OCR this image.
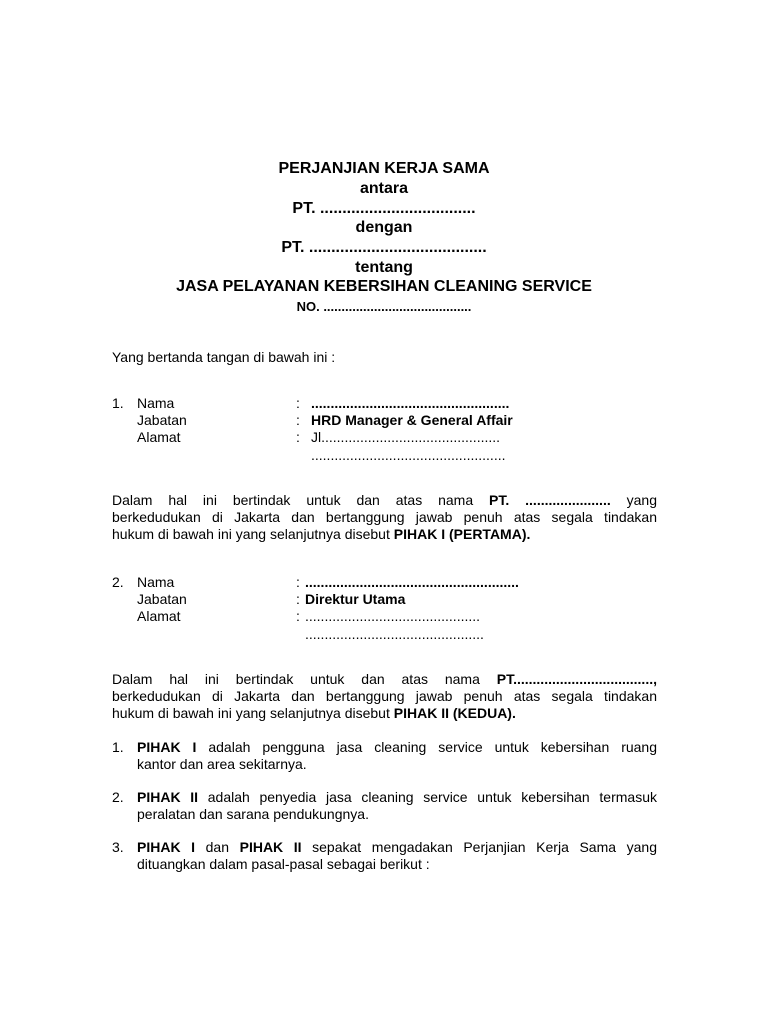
PERJANJIAN KERJA SAMA
antara
PT. ...................................
dengan
PT. ........................................
tentang
JASA PELAYANAN KEBERSIHAN CLEANING SERVICE
NO. .........................................
Yang bertanda tangan di bawah ini :
1. Nama	: ...................................................
Jabatan	: HRD Manager & General Affair
Alamat	: Jl..............................................
..................................................
Dalam hal ini bertindak untuk dan atas nama PT. ...................... yang
berkedudukan di Jakarta dan bertanggung jawab penuh atas segala tindakan
hukum di bawah ini yang selanjutnya disebut PIHAK I (PERTAMA).
2. Nama	: .......................................................
Jabatan	: Direktur Utama
Alamat	: .............................................
..............................................
Dalam hal ini bertindak untuk dan atas nama PT....................................,
berkedudukan di Jakarta dan bertanggung jawab penuh atas segala tindakan
hukum di bawah ini yang selanjutnya disebut PIHAK II (KEDUA).
1. PIHAK I adalah pengguna jasa cleaning service untuk kebersihan ruang
kantor dan area sekitarnya.
2. PIHAK II adalah penyedia jasa cleaning service untuk kebersihan termasuk
peralatan dan sarana pendukungnya.
3. PIHAK I dan PIHAK II sepakat mengadakan Perjanjian Kerja Sama yang
dituangkan dalam pasal-pasal sebagai berikut :
